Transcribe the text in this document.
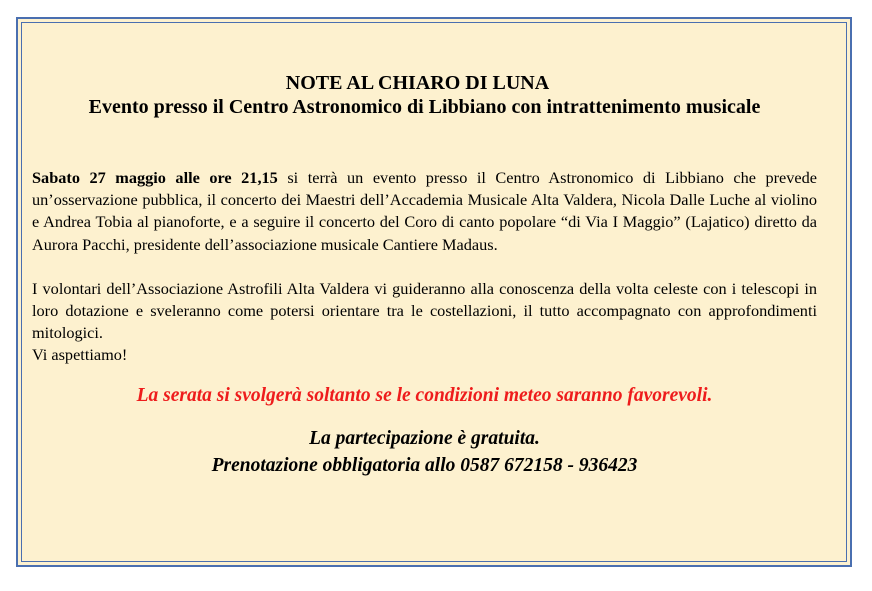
NOTE AL CHIARO DI LUNA

Evento presso il Centro Astronomico di Libbiano con intrattenimento musicale

Sabato 27 maggio alle ore 21,15 si terrà un evento presso il Centro Astronomico di Libbiano che prevede un’osservazione pubblica, il concerto dei Maestri dell’Accademia Musicale Alta Valdera, Nicola Dalle Luche al violino e Andrea Tobia al pianoforte, e a seguire il concerto del Coro di canto popolare “di Via I Maggio” (Lajatico) diretto da Aurora Pacchi, presidente dell’associazione musicale Cantiere Madaus.

I volontari dell’Associazione Astrofili Alta Valdera vi guideranno alla conoscenza della volta celeste con i telescopi in loro dotazione e sveleranno come potersi orientare tra le costellazioni, il tutto accompagnato con approfondimenti mitologici.

Vi aspettiamo!

La serata si svolgerà soltanto se le condizioni meteo saranno favorevoli.

La partecipazione è gratuita.
Prenotazione obbligatoria allo 0587 672158 - 936423
